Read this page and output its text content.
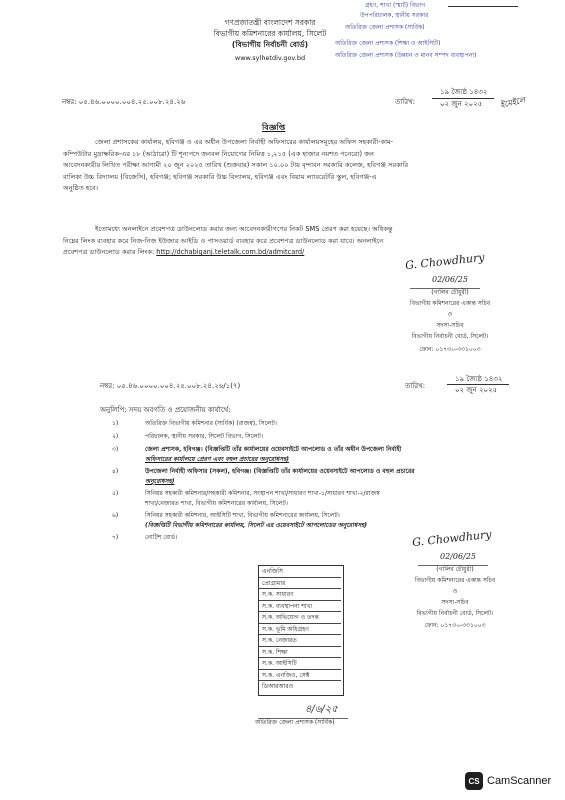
গণপ্রজাতন্ত্রী বাংলাদেশ সরকার
বিভাগীয় কমিশনারের কার্যালয়, সিলেট
(বিভাগীয় নির্বাচনী বোর্ড)
www.sylhetdiv.gov.bd
গ্রহণ, শাখা (স্মার্ট) বিভাগ
উপপরিচালক, স্থানীয় সরকার
অতিরিক্ত জেলা প্রশাসক (সার্বিক)
অতিরিক্ত জেলা প্রশাসক (শিক্ষা ও আইসিটি)
অতিরিক্ত জেলা প্রশাসক (উন্নয়ন ও মানব সম্পদ ব্যবস্থাপনা)
নম্বর: ০৫.৪৬.০০০০.০০৪.২৫.০০৮.২৪.২৬	তারিখ:
১৯ জ্যৈষ্ঠ ১৪৩২
০২ জুন ২০২৫ ইমেইলে
বিজ্ঞপ্তি
জেলা প্রশাসকের কার্যালয়, হবিগঞ্জ ও এর অধীন উপজেলা নির্বাহী অফিসারের কার্যালয়সমূহের অফিস সহকারী-কাম-
কম্পিউটার মুদ্রাক্ষরিক-এর ১৮ (আঠারো) টি শূন্যপদে জনবল নিয়োগের নিমিত্ত ১,২১৫ (এক হাজার নয়শত পনেরো) জন
আবেদনকারীর লিখিত পরীক্ষা আগামী ২০ জুন ২০২৫ তারিখ (শুক্রবার) সকাল ১০.০০ টায় বৃন্দাবন সরকারি কলেজ, হবিগঞ্জ সরকারি
বালিকা উচ্চ বিদ্যালয় (বিজেসি), হবিগঞ্জ; হবিগঞ্জ সরকারি উচ্চ বিদ্যালয়, হবিগঞ্জ এবং বিয়াম ল্যাবরেটরি স্কুল, হবিগঞ্জ-এ
অনুষ্ঠিত হবে।
ইতোমধ্যে অনলাইনে প্রবেশপত্র ডাউনলোড করার জন্য আবেদনকারীগণের নিকট SMS প্রেরণ করা হয়েছে। অধিকন্তু
নিম্নের লিংক ব্যবহার করে নিজ-নিজ ইউজার আইডি ও পাসওয়ার্ড ব্যবহার করে প্রবেশপত্র ডাউনলোড করা যাবে। অনলাইনে
প্রবেশপত্র ডাউনলোড করার লিংক: http://dchabiganj.teletalk.com.bd/admitcard/	G. Chowdhury
02/06/25
(গালিব চৌধুরী)
বিভাগীয় কমিশনারের একান্ত সচিব
ও
সদস্য-সচিব
বিভাগীয় নির্বাচনী বোর্ড, সিলেট।
ফোন: ০১৭৩০-৩৩১০০৩
নম্বর: ০৫.৪৬.০০০০.০০৪.২৫.০০৮.২৪.২৬/১(৭)	তারিখ:
১৯ জ্যৈষ্ঠ ১৪৩২
০২ জুন ২০২৫
অনুলিপি: সদয় অবগতি ও প্রয়োজনীয় কার্যার্থে:
১)	অতিরিক্ত বিভাগীয় কমিশনার (সার্বিক) (রাজস্ব), সিলেট।
২)	পরিচালক, স্থানীয় সরকার, সিলেট বিভাগ, সিলেট।
৩)	জেলা প্রশাসক, হবিগঞ্জ। (বিজ্ঞপ্তিটি তাঁর কার্যালয়ের ওয়েবসাইটে আপলোড ও তাঁর অধীন উপজেলা নির্বাহী
অফিসারের কার্যালয়ে প্রেরণ এবং বহুল প্রচারের অনুরোধসহ)
৪)	উপজেলা নির্বাহী অফিসার (সকল), হবিগঞ্জ। (বিজ্ঞপ্তিটি তাঁর কার্যালয়ের ওয়েবসাইটে আপলোড ও বহুল প্রচারের
অনুরোধসহ)
৫)	সিনিয়র সহকারী কমিশনার/সহকারী কমিশনার, সংস্থাপন শাখা/সাধারণ শাখা-১/সাধারণ শাখা-২/রাজস্ব
শাখা/নেজারত শাখা, বিভাগীয় কমিশনারের কার্যালয়, সিলেট।
৬)	সিনিয়র সহকারী কমিশনার, আইসিটি শাখা, বিভাগীয় কমিশনারের কার্যালয়, সিলেট।
(বিজ্ঞপ্তিটি বিভাগীয় কমিশনারের কার্যালয়, সিলেট এর ওয়েবসাইটে আপলোডের অনুরোধসহ)
৭)	নোটিশ বোর্ড।	G. Chowdhury
02/06/25
(গালিব চৌধুরী)
বিভাগীয় কমিশনারের একান্ত সচিব
ও
সদস্য-সচিব
বিভাগীয় নির্বাচনী বোর্ড, সিলেট।
ফোন: ০১৭৩০-৩৩১০০৩
এনজিসি
প্রোগ্রামার
স.ক. সাধারণ
স.ক. ব্যবস্থাপনা শাখা
স.ক. অভিযোগ ও তদন্ত
স.ক. ভূমি অধিগ্রহণ
স.ক. নেজারত
স.ক. শিক্ষা
স.ক. আইসিটি
স.ক. এনজিও, সেক্ট
ডিআরআরও
৪/৬/২৫
অতিরিক্ত জেলা প্রশাসক (সার্বিক)
CS CamScanner
